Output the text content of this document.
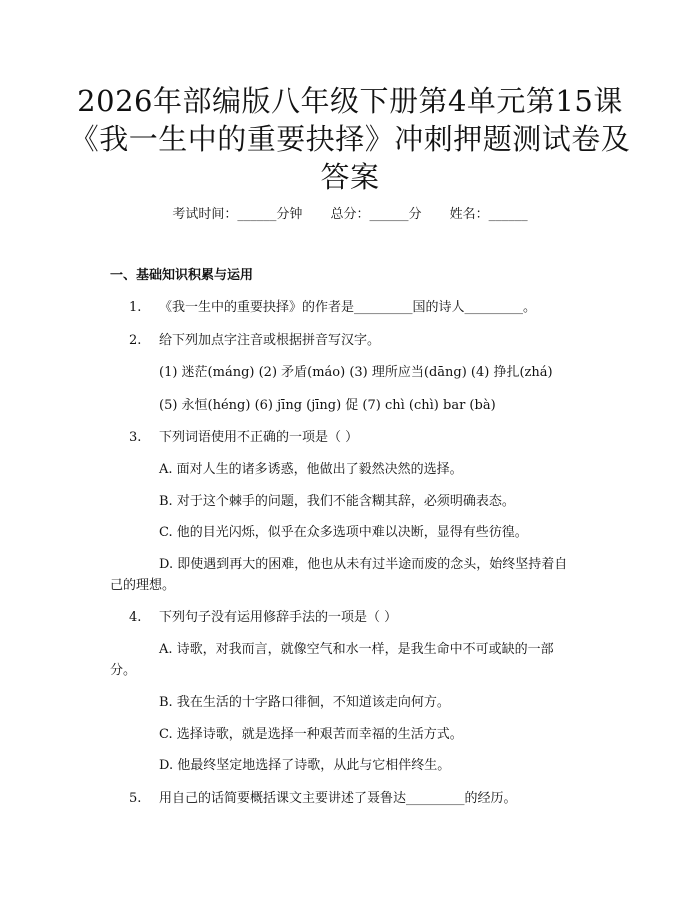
2026年部编版八年级下册第4单元第15课
《我一生中的重要抉择》冲刺押题测试卷及
答案
考试时间：______分钟 总分：______分 姓名：______
一、基础知识积累与运用
1.	《我一生中的重要抉择》的作者是_________国的诗人_________。
2.	给下列加点字注音或根据拼音写汉字。
(1) 迷茫(máng) (2) 矛盾(máo) (3) 理所应当(dāng) (4) 挣扎(zhá)
(5) 永恒(héng) (6) jīng (jīng) 促 (7) chì (chì) bar (bà)
3.	下列词语使用不正确的一项是（ ）
A. 面对人生的诸多诱惑，他做出了毅然决然的选择。
B. 对于这个棘手的问题，我们不能含糊其辞，必须明确表态。
C. 他的目光闪烁，似乎在众多选项中难以决断，显得有些彷徨。
D. 即使遇到再大的困难，他也从未有过半途而废的念头，始终坚持着自
己的理想。
4.	下列句子没有运用修辞手法的一项是（ ）
A. 诗歌，对我而言，就像空气和水一样，是我生命中不可或缺的一部
分。
B. 我在生活的十字路口徘徊，不知道该走向何方。
C. 选择诗歌，就是选择一种艰苦而幸福的生活方式。
D. 他最终坚定地选择了诗歌，从此与它相伴终生。
5.	用自己的话简要概括课文主要讲述了聂鲁达_________的经历。
